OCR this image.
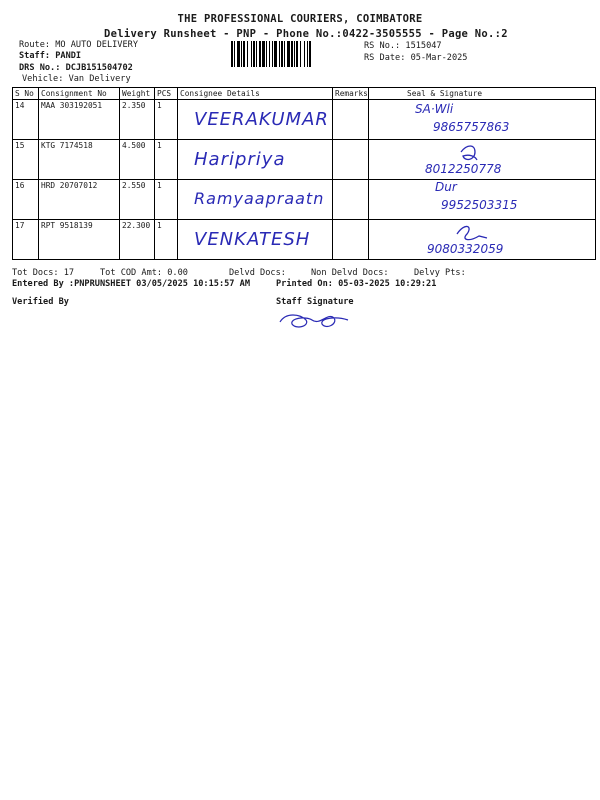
THE PROFESSIONAL COURIERS, COIMBATORE
Delivery Runsheet - PNP - Phone No.:0422-3505555 - Page No.:2
Route: MO AUTO DELIVERY
Staff: PANDI
DRS No.: DCJB151504702
Vehicle: Van Delivery
RS No.: 1515047
RS Date: 05-Mar-2025
S No	Consignment No	Weight	PCS	Consignee Details	Remarks	Seal & Signature
14	MAA 303192051	2.350	1	VEERAKUMAR		SA·Wli
9865757863

15	KTG 7174518	4.500	1	Haripriya		8012250778

16	HRD 20707012	2.550	1	Ramyaapraatn		Dur
9952503315

17	RPT 9518139	22.300	1	VENKATESH		9080332059
Tot Docs: 17	Tot COD Amt: 0.00	Delvd Docs:	Non Delvd Docs:	Delvy Pts:
Entered By :PNPRUNSHEET 03/05/2025 10:15:57 AM	Printed On: 05-03-2025 10:29:21
Verified By	Staff Signature
